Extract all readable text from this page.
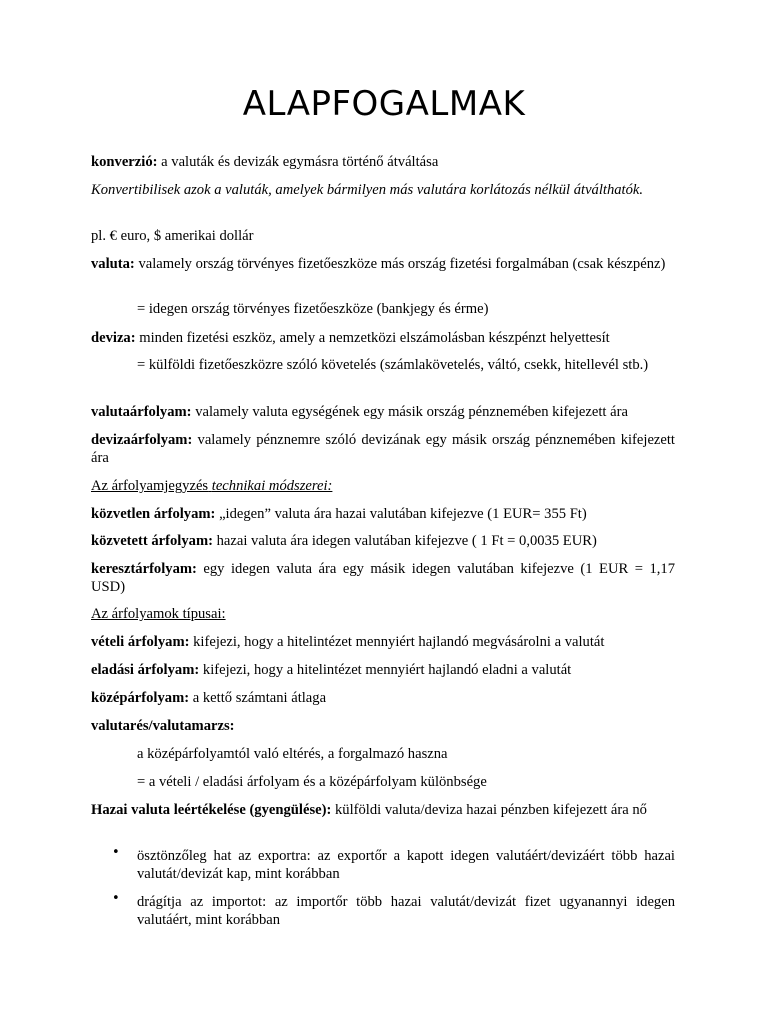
ALAPFOGALMAK
konverzió: a valuták és devizák egymásra történő átváltása
Konvertibilisek azok a valuták, amelyek bármilyen más valutára korlátozás nélkül átválthatók.
pl. € euro, $ amerikai dollár
valuta: valamely ország törvényes fizetőeszköze más ország fizetési forgalmában (csak készpénz)
= idegen ország törvényes fizetőeszköze (bankjegy és érme)
deviza: minden fizetési eszköz, amely a nemzetközi elszámolásban készpénzt helyettesít
= külföldi fizetőeszközre szóló követelés (számlakövetelés, váltó, csekk, hitellevél stb.)
valutaárfolyam: valamely valuta egységének egy másik ország pénznemében kifejezett ára
devizaárfolyam: valamely pénznemre szóló devizának egy másik ország pénznemében kifejezett ára
Az árfolyamjegyzés technikai módszerei:
közvetlen árfolyam: „idegen” valuta ára hazai valutában kifejezve (1 EUR= 355 Ft)
közvetett árfolyam: hazai valuta ára idegen valutában kifejezve ( 1 Ft = 0,0035 EUR)
keresztárfolyam: egy idegen valuta ára egy másik idegen valutában kifejezve (1 EUR = 1,17 USD)
Az árfolyamok típusai:
vételi árfolyam: kifejezi, hogy a hitelintézet mennyiért hajlandó megvásárolni a valutát
eladási árfolyam: kifejezi, hogy a hitelintézet mennyiért hajlandó eladni a valutát
középárfolyam: a kettő számtani átlaga
valutarés/valutamarzs:
a középárfolyamtól való eltérés, a forgalmazó haszna
= a vételi / eladási árfolyam és a középárfolyam különbsége
Hazai valuta leértékelése (gyengülése): külföldi valuta/deviza hazai pénzben kifejezett ára nő
• ösztönzőleg hat az exportra: az exportőr a kapott idegen valutáért/devizáért több hazai valutát/devizát kap, mint korábban
• drágítja az importot: az importőr több hazai valutát/devizát fizet ugyanannyi idegen valutáért, mint korábban
